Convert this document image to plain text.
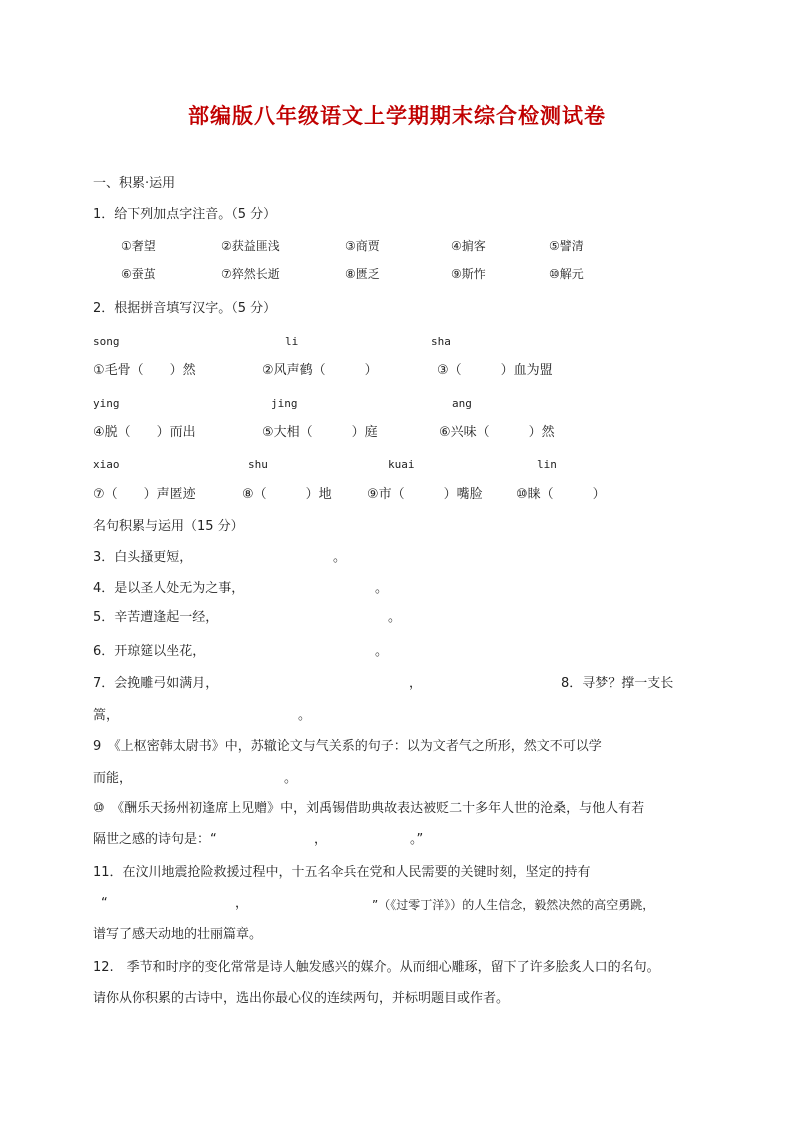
部编版八年级语文上学期期末综合检测试卷
一、积累·运用
1．给下列加点字注音。（5 分）
①奢望	②获益匪浅	③商贾	④掮客	⑤譬清
⑥蚕茧	⑦猝然长逝	⑧匮乏	⑨斯怍	⑩解元
2．根据拼音填写汉字。（5 分）
song	li	sha
①毛骨（　　）然	②风声鹤（　　　）	③（　　　）血为盟
ying	jing	ang
④脱（　　）而出	⑤大相（　　　）庭	⑥兴味（　　　）然
xiao	shu	kuai	lin
⑦（　　）声匿迹	⑧（　　　）地	⑨市（　　　）嘴脸	⑩睐（　　　）
名句积累与运用（15 分）
3．白头搔更短，	。
4．是以圣人处无为之事，	。
5．辛苦遭逢起一经，	。
6．开琼筵以坐花，	。
7．会挽雕弓如满月，	，	8．寻梦？撑一支长
篙，	。
9　《上枢密韩太尉书》中，苏辙论文与气关系的句子：以为文者气之所形，然文不可以学
而能，	。
⑩　《酬乐天扬州初逢席上见赠》中，刘禹锡借助典故表达被贬二十多年人世的沧桑，与他人有若
隔世之感的诗句是：“	，	。”
11．在汶川地震抢险救援过程中，十五名伞兵在党和人民需要的关键时刻，坚定的持有
“	，	”（《过零丁洋》）的人生信念，毅然决然的高空勇跳，
谱写了感天动地的壮丽篇章。
12.　季节和时序的变化常常是诗人触发感兴的媒介。从而细心雕琢，留下了许多脍炙人口的名句。
请你从你积累的古诗中，选出你最心仪的连续两句，并标明题目或作者。
